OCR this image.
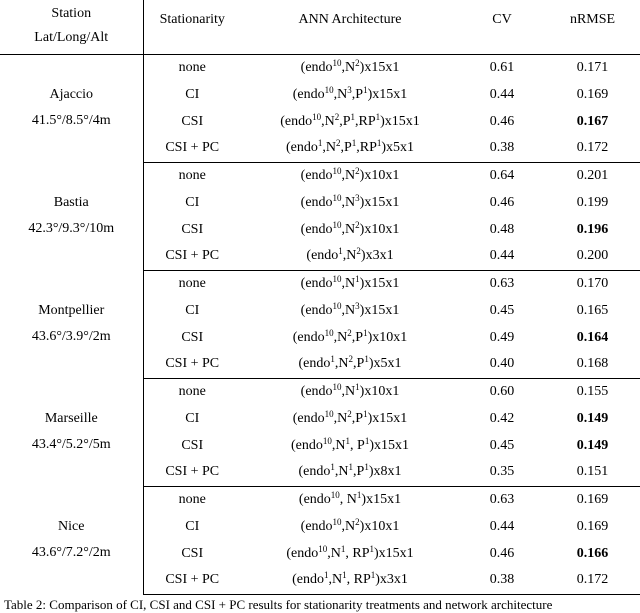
Station
Lat/Long/Alt	Stationarity	ANN Architecture	CV	nRMSE
Ajaccio
41.5°/8.5°/4m	none	$(endo^{10},N^2)x15x1$	0.61	0.171
	CI	$(endo^{10},N^3,P^1)x15x1$	0.44	0.169
	CSI	$(endo^{10},N^2,P^1,RP^1)x15x1$	0.46	0.167
	CSI + PC	$(endo^1,N^2,P^1,RP^1)x5x1$	0.38	0.172
Bastia
42.3°/9.3°/10m	none	$(endo^{10},N^2)x10x1$	0.64	0.201
	CI	$(endo^{10},N^3)x15x1$	0.46	0.199
	CSI	$(endo^{10},N^2)x10x1$	0.48	0.196
	CSI + PC	$(endo^1,N^2)x3x1$	0.44	0.200
Montpellier
43.6°/3.9°/2m	none	$(endo^{10},N^1)x15x1$	0.63	0.170
	CI	$(endo^{10},N^3)x15x1$	0.45	0.165
	CSI	$(endo^{10},N^2,P^1)x10x1$	0.49	0.164
	CSI + PC	$(endo^1,N^2,P^1)x5x1$	0.40	0.168
Marseille
43.4°/5.2°/5m	none	$(endo^{10},N^1)x10x1$	0.60	0.155
	CI	$(endo^{10},N^2,P^1)x15x1$	0.42	0.149
	CSI	($endo^{10},N^1$, $P^1)x15x1$	0.45	0.149
	CSI + PC	$(endo^1,N^1,P^1)x8x1$	0.35	0.151
Nice
43.6°/7.2°/2m	none	(endo$^{10}$, $N^1)x15x1$	0.63	0.169
	CI	$(endo^{10},N^2)x10x1$	0.44	0.169
	CSI	($endo^{10},N^1$, $RP^1)x15x1$	0.46	0.166
	CSI + PC	($endo^1,N^1$, $RP^1)x3x1$	0.38	0.172
Table 2: Comparison of CI, CSI and CSI + PC results for stationarity treatments and network architecture
